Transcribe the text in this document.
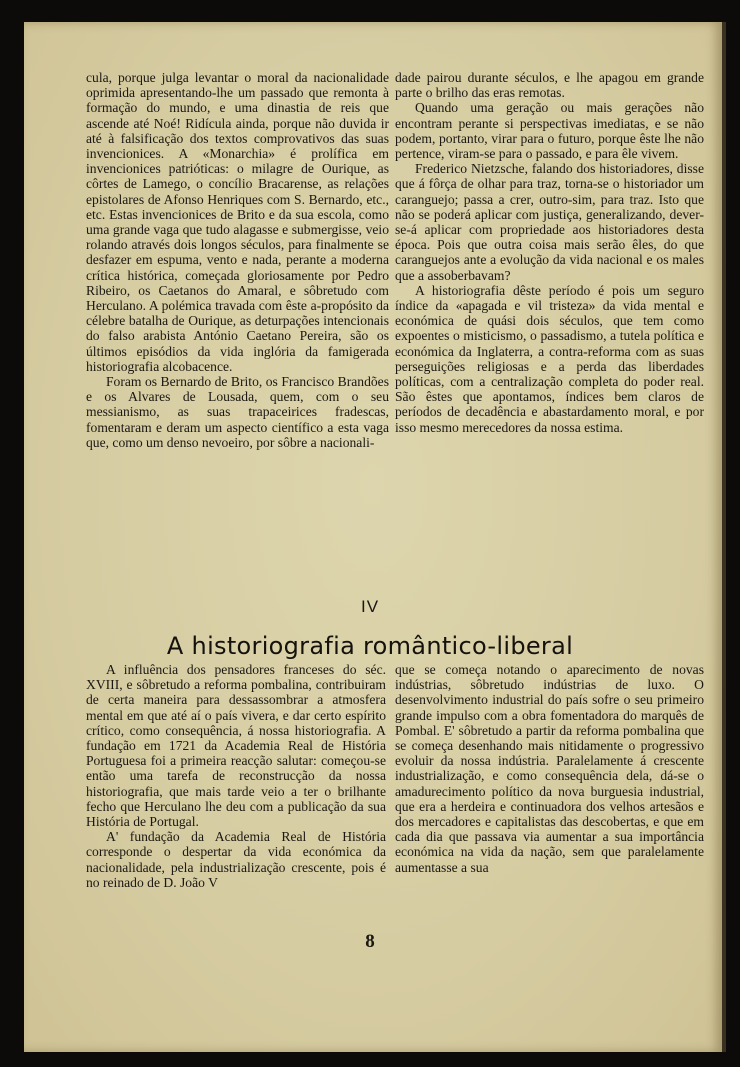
cula, porque julga levantar o moral da nacionalidade oprimida apresentando-lhe um passado que remonta à formação do mundo, e uma dinastia de reis que ascende até Noé! Ridícula ainda, porque não duvida ir até à falsificação dos textos comprovativos das suas invencionices. A «Monarchia» é prolífica em invencionices patrióticas: o milagre de Ourique, as côrtes de Lamego, o concílio Bracarense, as relações epistolares de Afonso Henriques com S. Bernardo, etc., etc. Estas invencionices de Brito e da sua escola, como uma grande vaga que tudo alagasse e submergisse, veio rolando através dois longos séculos, para finalmente se desfazer em espuma, vento e nada, perante a moderna crítica histórica, começada gloriosamente por Pedro Ribeiro, os Caetanos do Amaral, e sôbretudo com Herculano. A polémica travada com êste a-propósito da célebre batalha de Ourique, as deturpações intencionais do falso arabista António Caetano Pereira, são os últimos episódios da vida inglória da famigerada historiografia alcobacence.

Foram os Bernardo de Brito, os Francisco Brandões e os Alvares de Lousada, quem, com o seu messianismo, as suas trapaceirices fradescas, fomentaram e deram um aspecto científico a esta vaga que, como um denso nevoeiro, por sôbre a nacionali-

dade pairou durante séculos, e lhe apagou em grande parte o brilho das eras remotas.

Quando uma geração ou mais gerações não encontram perante si perspectivas imediatas, e se não podem, portanto, virar para o futuro, porque êste lhe não pertence, viram-se para o passado, e para êle vivem.

Frederico Nietzsche, falando dos historiadores, disse que á fôrça de olhar para traz, torna-se o historiador um caranguejo; passa a crer, outro-sim, para traz. Isto que não se poderá aplicar com justiça, generalizando, dever-se-á aplicar com propriedade aos historiadores desta época. Pois que outra coisa mais serão êles, do que caranguejos ante a evolução da vida nacional e os males que a assoberbavam?

A historiografia dêste período é pois um seguro índice da «apagada e vil tristeza» da vida mental e económica de quási dois séculos, que tem como expoentes o misticismo, o passadismo, a tutela política e económica da Inglaterra, a contra-reforma com as suas perseguições religiosas e a perda das liberdades políticas, com a centralização completa do poder real. São êstes que apontamos, índices bem claros de períodos de decadência e abastardamento moral, e por isso mesmo merecedores da nossa estima.

IV
A historiografia romântico-liberal

A influência dos pensadores franceses do séc. XVIII, e sôbretudo a reforma pombalina, contribuiram de certa maneira para dessassombrar a atmosfera mental em que até aí o país vivera, e dar certo espírito crítico, como consequência, á nossa historiografia. A fundação em 1721 da Academia Real de História Portuguesa foi a primeira reacção salutar: começou-se então uma tarefa de reconstrucção da nossa historiografia, que mais tarde veio a ter o brilhante fecho que Herculano lhe deu com a publicação da sua História de Portugal.

A' fundação da Academia Real de História corresponde o despertar da vida económica da nacionalidade, pela industrialização crescente, pois é no reinado de D. João V

que se começa notando o aparecimento de novas indústrias, sôbretudo indústrias de luxo. O desenvolvimento industrial do país sofre o seu primeiro grande impulso com a obra fomentadora do marquês de Pombal. E' sôbretudo a partir da reforma pombalina que se começa desenhando mais nitidamente o progressivo evoluir da nossa indústria. Paralelamente á crescente industrialização, e como consequência dela, dá-se o amadurecimento político da nova burguesia industrial, que era a herdeira e continuadora dos velhos artesãos e dos mercadores e capitalistas das descobertas, e que em cada dia que passava via aumentar a sua importância económica na vida da nação, sem que paralelamente aumentasse a sua

8
